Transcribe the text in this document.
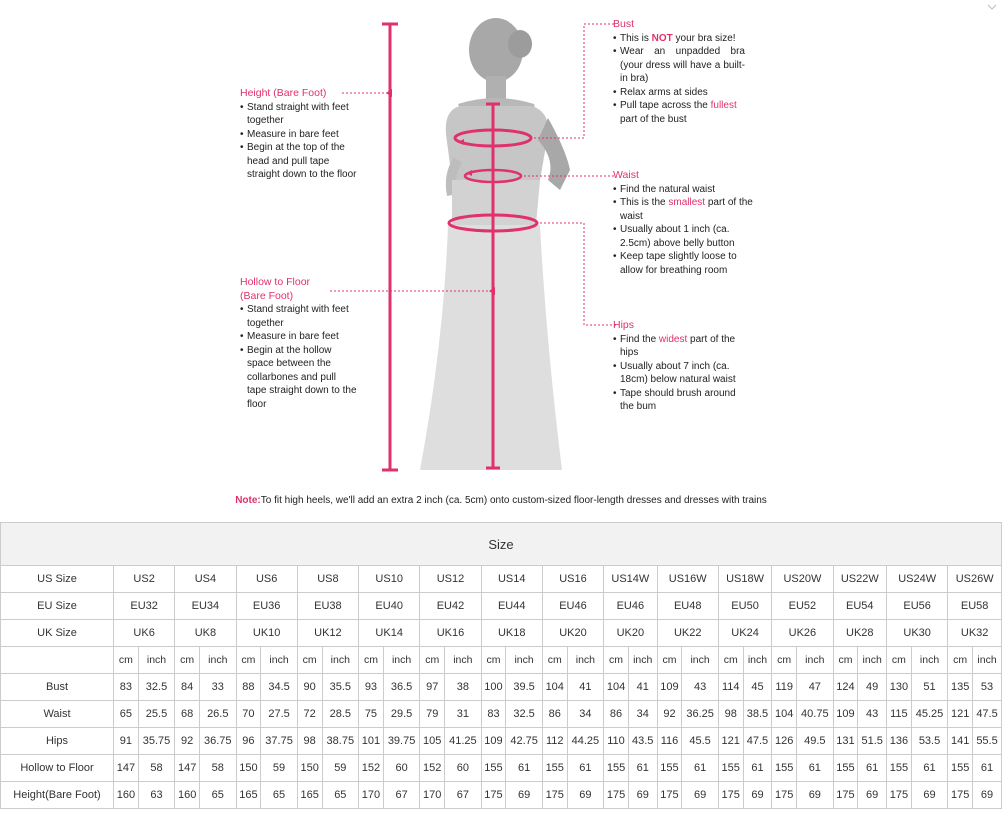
Height (Bare Foot)
• Stand straight with feet together
• Measure in bare feet
• Begin at the top of the head and pull tape straight down to the floor
Hollow to Floor (Bare Foot)
• Stand straight with feet together
• Measure in bare feet
• Begin at the hollow space between the collarbones and pull tape straight down to the floor
Bust
• This is NOT your bra size!
• Wear an unpadded bra (your dress will have a built-in bra)
• Relax arms at sides
• Pull tape across the fullest part of the bust
Waist
• Find the natural waist
• This is the smallest part of the waist
• Usually about 1 inch (ca. 2.5cm) above belly button
• Keep tape slightly loose to allow for breathing room
Hips
• Find the widest part of the hips
• Usually about 7 inch (ca. 18cm) below natural waist
• Tape should brush around the bum
Note:To fit high heels, we'll add an extra 2 inch (ca. 5cm) onto custom-sized floor-length dresses and dresses with trains
Size																														
US Size	US2		US4		US6		US8		US10		US12		US14		US16		US14W		US16W		US18W		US20W		US22W		US24W		US26W	
EU Size	EU32		EU34		EU36		EU38		EU40		EU42		EU44		EU46		EU46		EU48		EU50		EU52		EU54		EU56		EU58	
UK Size	UK6		UK8		UK10		UK12		UK14		UK16		UK18		UK20		UK20		UK22		UK24		UK26		UK28		UK30		UK32	
	cm	inch	cm	inch	cm	inch	cm	inch	cm	inch	cm	inch	cm	inch	cm	inch	cm	inch	cm	inch	cm	inch	cm	inch	cm	inch	cm	inch	cm	inch
Bust	83	32.5	84	33	88	34.5	90	35.5	93	36.5	97	38	100	39.5	104	41	104	41	109	43	114	45	119	47	124	49	130	51	135	53
Waist	65	25.5	68	26.5	70	27.5	72	28.5	75	29.5	79	31	83	32.5	86	34	86	34	92	36.25	98	38.5	104	40.75	109	43	115	45.25	121	47.5
Hips	91	35.75	92	36.75	96	37.75	98	38.75	101	39.75	105	41.25	109	42.75	112	44.25	110	43.5	116	45.5	121	47.5	126	49.5	131	51.5	136	53.5	141	55.5
Hollow to Floor	147	58	147	58	150	59	150	59	152	60	152	60	155	61	155	61	155	61	155	61	155	61	155	61	155	61	155	61	155	61
Height(Bare Foot)	160	63	160	65	165	65	165	65	170	67	170	67	175	69	175	69	175	69	175	69	175	69	175	69	175	69	175	69	175	69
